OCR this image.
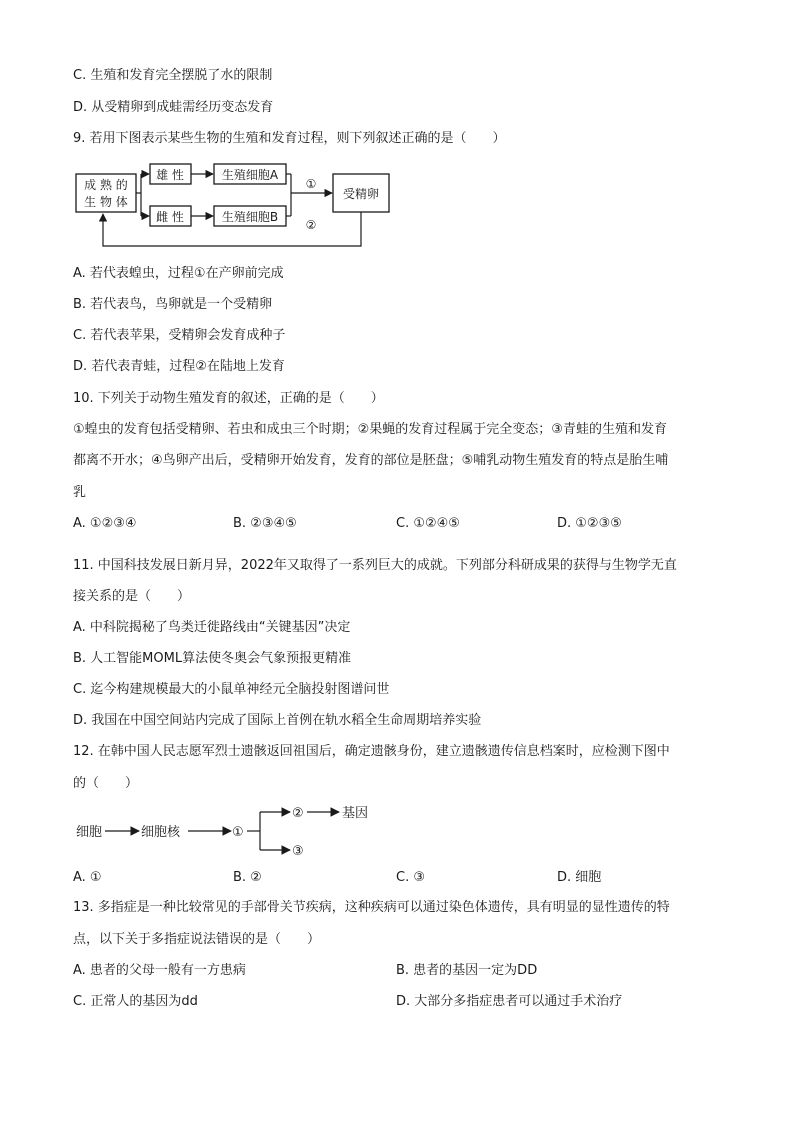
C. 生殖和发育完全摆脱了水的限制
D. 从受精卵到成蛙需经历变态发育
9. 若用下图表示某些生物的生殖和发育过程，则下列叙述正确的是（　　）
成 熟 的
生 物 体
雄 性
雌 性
生殖细胞A
生殖细胞B
①
受精卵
②
A. 若代表蝗虫，过程①在产卵前完成
B. 若代表鸟，鸟卵就是一个受精卵
C. 若代表苹果，受精卵会发育成种子
D. 若代表青蛙，过程②在陆地上发育
10. 下列关于动物生殖发育的叙述，正确的是（　　）
①蝗虫的发育包括受精卵、若虫和成虫三个时期；②果蝇的发育过程属于完全变态；③青蛙的生殖和发育
都离不开水；④鸟卵产出后，受精卵开始发育，发育的部位是胚盘；⑤哺乳动物生殖发育的特点是胎生哺
乳
A. ①②③④	B. ②③④⑤	C. ①②④⑤	D. ①②③⑤
11. 中国科技发展日新月异，2022年又取得了一系列巨大的成就。下列部分科研成果的获得与生物学无直
接关系的是（　　）
A. 中科院揭秘了鸟类迁徙路线由“关键基因”决定
B. 人工智能MOML算法使冬奥会气象预报更精准
C. 迄今构建规模最大的小鼠单神经元全脑投射图谱问世
D. 我国在中国空间站内完成了国际上首例在轨水稻全生命周期培养实验
12. 在韩中国人民志愿军烈士遗骸返回祖国后，确定遗骸身份，建立遗骸遗传信息档案时，应检测下图中
的（　　）
细胞	细胞核	①
②	基因
③
A. ①	B. ②	C. ③	D. 细胞
13. 多指症是一种比较常见的手部骨关节疾病，这种疾病可以通过染色体遗传，具有明显的显性遗传的特
点，以下关于多指症说法错误的是（　　）
A. 患者的父母一般有一方患病	B. 患者的基因一定为DD
C. 正常人的基因为dd	D. 大部分多指症患者可以通过手术治疗
